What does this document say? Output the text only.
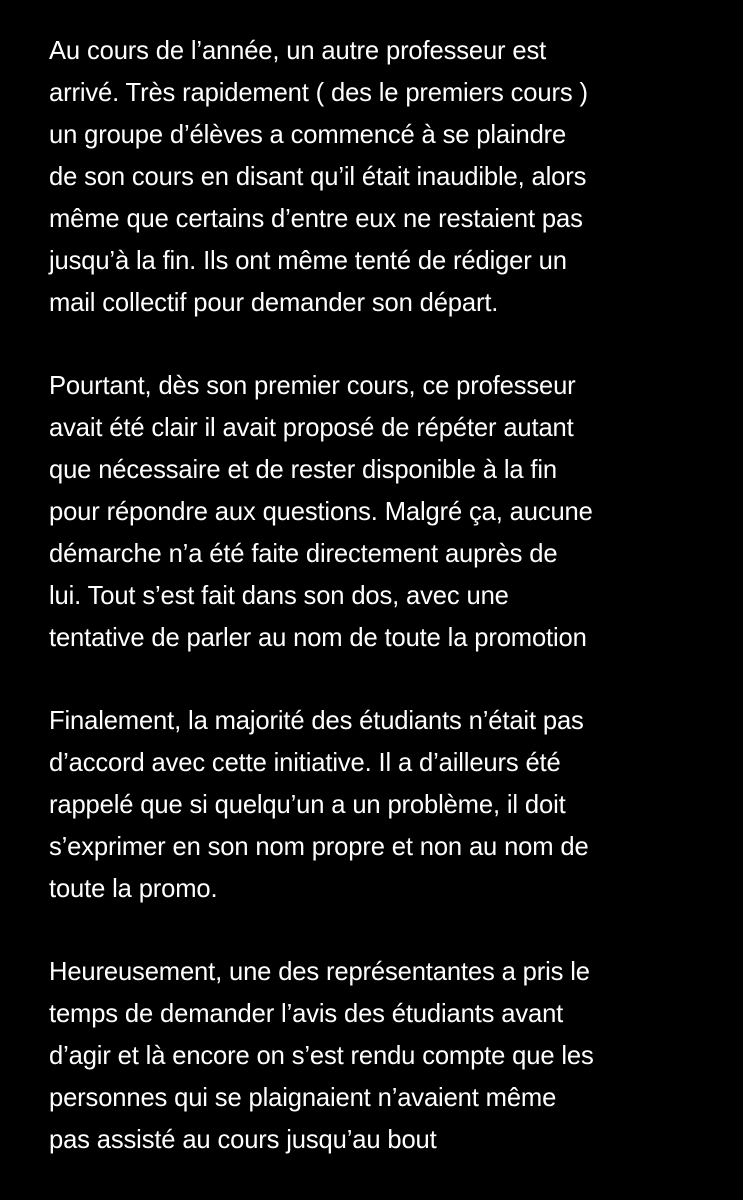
Au cours de l’année, un autre professeur est
arrivé. Très rapidement ( des le premiers cours )
un groupe d’élèves a commencé à se plaindre
de son cours en disant qu’il était inaudible, alors
même que certains d’entre eux ne restaient pas
jusqu’à la fin. Ils ont même tenté de rédiger un
mail collectif pour demander son départ.

Pourtant, dès son premier cours, ce professeur
avait été clair il avait proposé de répéter autant
que nécessaire et de rester disponible à la fin
pour répondre aux questions. Malgré ça, aucune
démarche n’a été faite directement auprès de
lui. Tout s’est fait dans son dos, avec une
tentative de parler au nom de toute la promotion

Finalement, la majorité des étudiants n’était pas
d’accord avec cette initiative. Il a d’ailleurs été
rappelé que si quelqu’un a un problème, il doit
s’exprimer en son nom propre et non au nom de
toute la promo.

Heureusement, une des représentantes a pris le
temps de demander l’avis des étudiants avant
d’agir et là encore on s’est rendu compte que les
personnes qui se plaignaient n’avaient même
pas assisté au cours jusqu’au bout
